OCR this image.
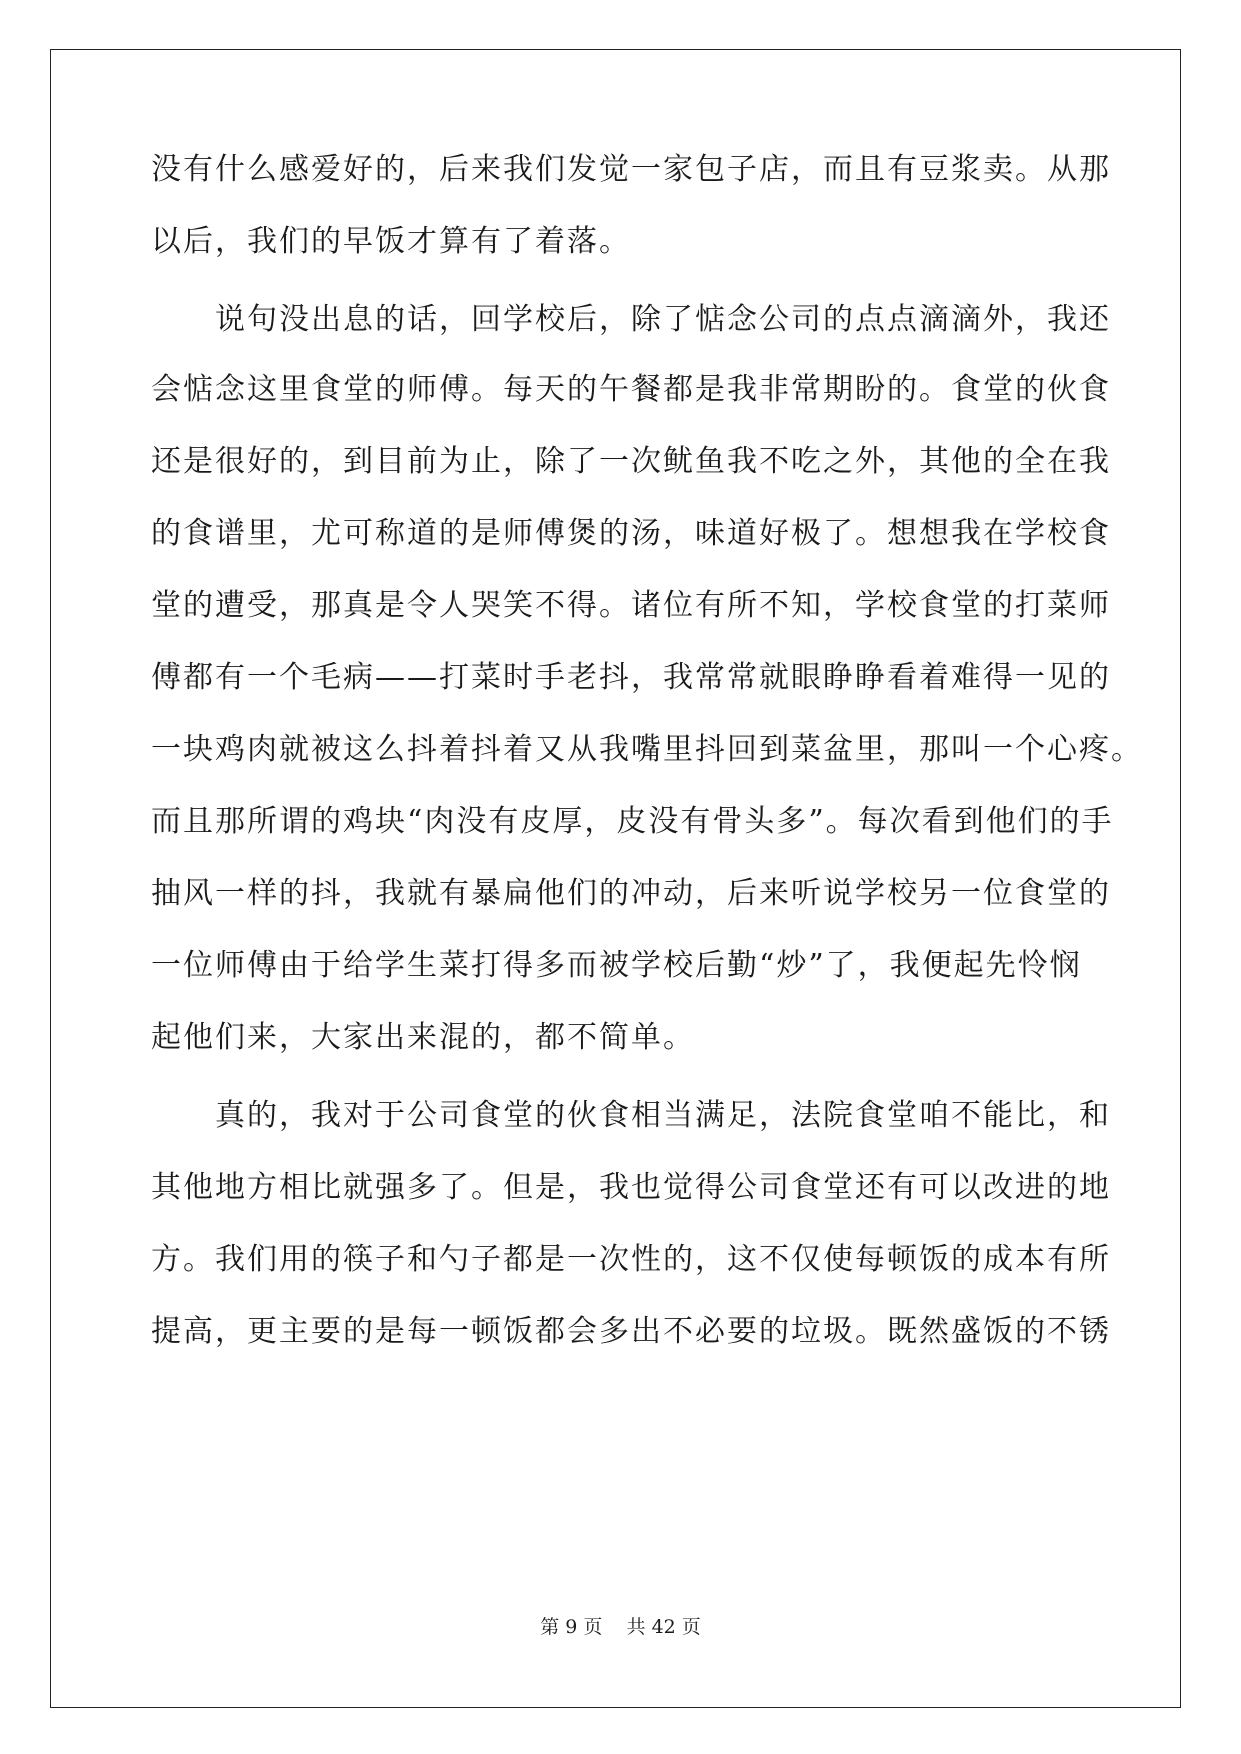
没有什么感爱好的，后来我们发觉一家包子店，而且有豆浆卖。从那
以后，我们的早饭才算有了着落。
　　说句没出息的话，回学校后，除了惦念公司的点点滴滴外，我还
会惦念这里食堂的师傅。每天的午餐都是我非常期盼的。食堂的伙食
还是很好的，到目前为止，除了一次鱿鱼我不吃之外，其他的全在我
的食谱里，尤可称道的是师傅煲的汤，味道好极了。想想我在学校食
堂的遭受，那真是令人哭笑不得。诸位有所不知，学校食堂的打菜师
傅都有一个毛病——打菜时手老抖，我常常就眼睁睁看着难得一见的
一块鸡肉就被这么抖着抖着又从我嘴里抖回到菜盆里，那叫一个心疼。
而且那所谓的鸡块“肉没有皮厚，皮没有骨头多”。每次看到他们的手
抽风一样的抖，我就有暴扁他们的冲动，后来听说学校另一位食堂的
一位师傅由于给学生菜打得多而被学校后勤“炒”了，我便起先怜悯
起他们来，大家出来混的，都不简单。
　　真的，我对于公司食堂的伙食相当满足，法院食堂咱不能比，和
其他地方相比就强多了。但是，我也觉得公司食堂还有可以改进的地
方。我们用的筷子和勺子都是一次性的，这不仅使每顿饭的成本有所
提高，更主要的是每一顿饭都会多出不必要的垃圾。既然盛饭的不锈
第 9 页    共 42 页
